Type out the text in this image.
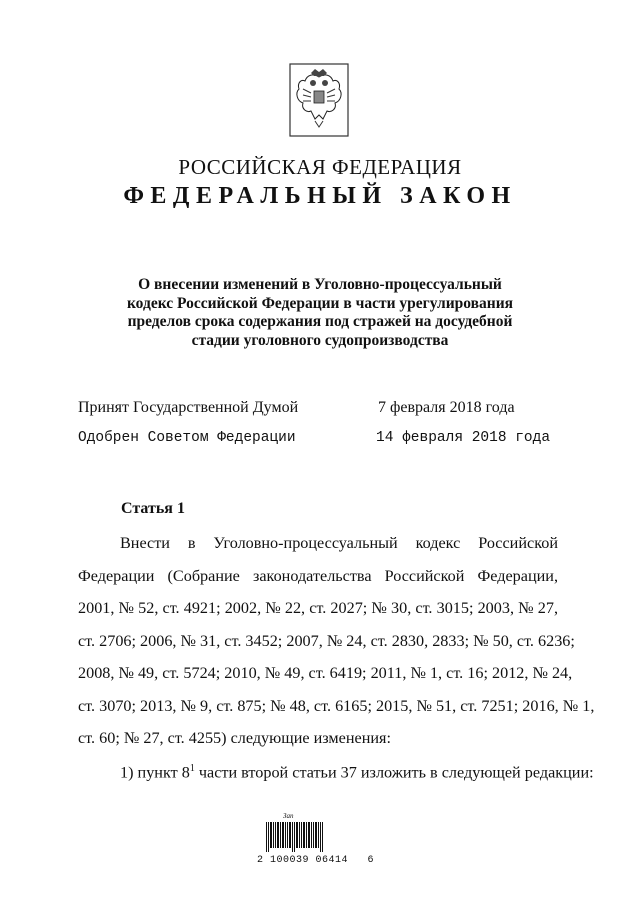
РОССИЙСКАЯ ФЕДЕРАЦИЯ
ФЕДЕРАЛЬНЫЙ ЗАКОН
О внесении изменений в Уголовно-процессуальный
кодекс Российской Федерации в части урегулирования
пределов срока содержания под стражей на досудебной
стадии уголовного судопроизводства
Принят Государственной Думой	7 февраля 2018 года
Одобрен Советом Федерации	14 февраля 2018 года
Статья 1
Внести в Уголовно-процессуальный кодекс Российской
Федерации (Собрание законодательства Российской Федерации,
2001, № 52, ст. 4921; 2002, № 22, ст. 2027; № 30, ст. 3015; 2003, № 27,
ст. 2706; 2006, № 31, ст. 3452; 2007, № 24, ст. 2830, 2833; № 50, ст. 6236;
2008, № 49, ст. 5724; 2010, № 49, ст. 6419; 2011, № 1, ст. 16; 2012, № 24,
ст. 3070; 2013, № 9, ст. 875; № 48, ст. 6165; 2015, № 51, ст. 7251; 2016, № 1,
ст. 60; № 27, ст. 4255) следующие изменения:
1) пункт $8^1$ части второй статьи 37 изложить в следующей редакции:
Зап
2 100039 06414   6
